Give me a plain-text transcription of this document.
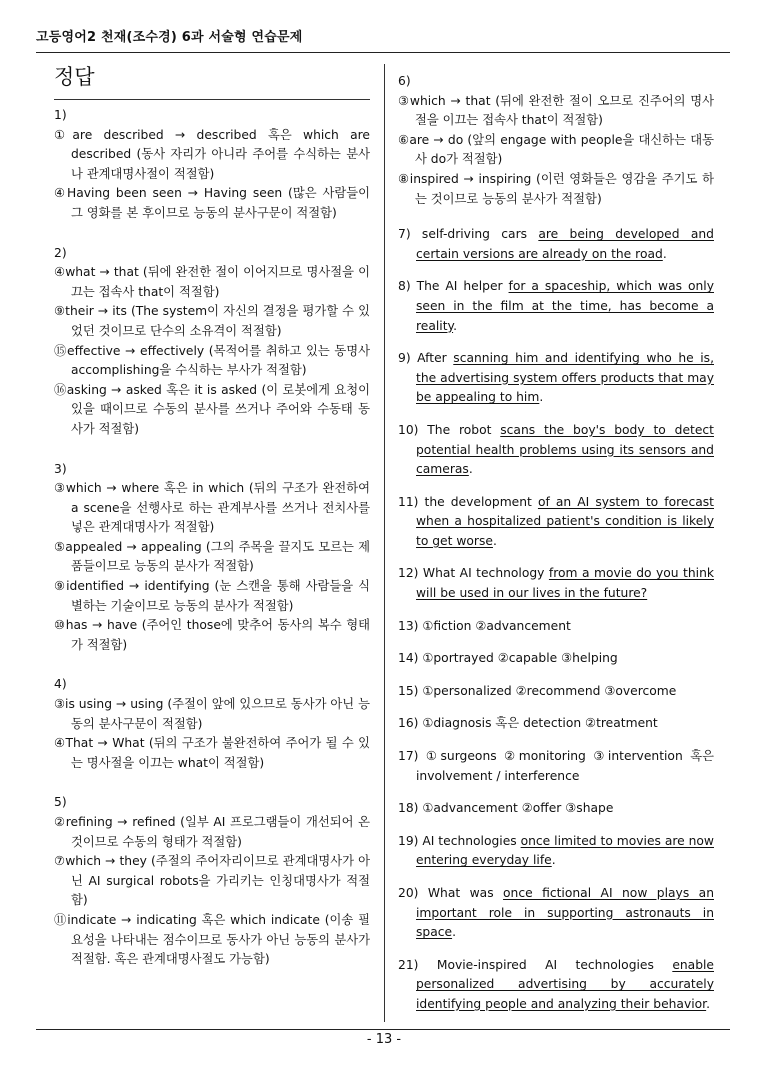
고등영어2 천재(조수경) 6과 서술형 연습문제
정답
1)
①are described → described 혹은 which are described (동사 자리가 아니라 주어를 수식하는 분사나 관계대명사절이 적절함)
④Having been seen → Having seen (많은 사람들이 그 영화를 본 후이므로 능동의 분사구문이 적절함)
2)
④what → that (뒤에 완전한 절이 이어지므로 명사절을 이끄는 접속사 that이 적절함)
⑨their → its (The system이 자신의 결정을 평가할 수 있었던 것이므로 단수의 소유격이 적절함)
⑮effective → effectively (목적어를 취하고 있는 동명사 accomplishing을 수식하는 부사가 적절함)
⑯asking → asked 혹은 it is asked (이 로봇에게 요청이 있을 때이므로 수동의 분사를 쓰거나 주어와 수동태 동사가 적절함)
3)
③which → where 혹은 in which (뒤의 구조가 완전하여 a scene을 선행사로 하는 관계부사를 쓰거나 전치사를 넣은 관계대명사가 적절함)
⑤appealed → appealing (그의 주목을 끌지도 모르는 제품들이므로 능동의 분사가 적절함)
⑨identified → identifying (눈 스캔을 통해 사람들을 식별하는 기술이므로 능동의 분사가 적절함)
⑩has → have (주어인 those에 맞추어 동사의 복수 형태가 적절함)
4)
③is using → using (주절이 앞에 있으므로 동사가 아닌 능동의 분사구문이 적절함)
④That → What (뒤의 구조가 불완전하여 주어가 될 수 있는 명사절을 이끄는 what이 적절함)
5)
②refining → refined (일부 AI 프로그램들이 개선되어 온 것이므로 수동의 형태가 적절함)
⑦which → they (주절의 주어자리이므로 관계대명사가 아닌 AI surgical robots을 가리키는 인칭대명사가 적절함)
⑪indicate → indicating 혹은 which indicate (이송 필요성을 나타내는 점수이므로 동사가 아닌 능동의 분사가 적절함. 혹은 관계대명사절도 가능함)
6)
③which → that (뒤에 완전한 절이 오므로 진주어의 명사절을 이끄는 접속사 that이 적절함)
⑥are → do (앞의 engage with people을 대신하는 대동사 do가 적절함)
⑧inspired → inspiring (이런 영화들은 영감을 주기도 하는 것이므로 능동의 분사가 적절함)
7) self-driving cars are being developed and certain versions are already on the road.
8) The AI helper for a spaceship, which was only seen in the film at the time, has become a reality.
9) After scanning him and identifying who he is, the advertising system offers products that may be appealing to him.
10) The robot scans the boy's body to detect potential health problems using its sensors and cameras.
11) the development of an AI system to forecast when a hospitalized patient's condition is likely to get worse.
12) What AI technology from a movie do you think will be used in our lives in the future?
13) ①fiction ②advancement
14) ①portrayed ②capable ③helping
15) ①personalized ②recommend ③overcome
16) ①diagnosis 혹은 detection ②treatment
17) ①surgeons ②monitoring ③intervention 혹은 involvement / interference
18) ①advancement ②offer ③shape
19) AI technologies once limited to movies are now entering everyday life.
20) What was once fictional AI now plays an important role in supporting astronauts in space.
21) Movie-inspired AI technologies enable personalized advertising by accurately identifying people and analyzing their behavior.
- 13 -
